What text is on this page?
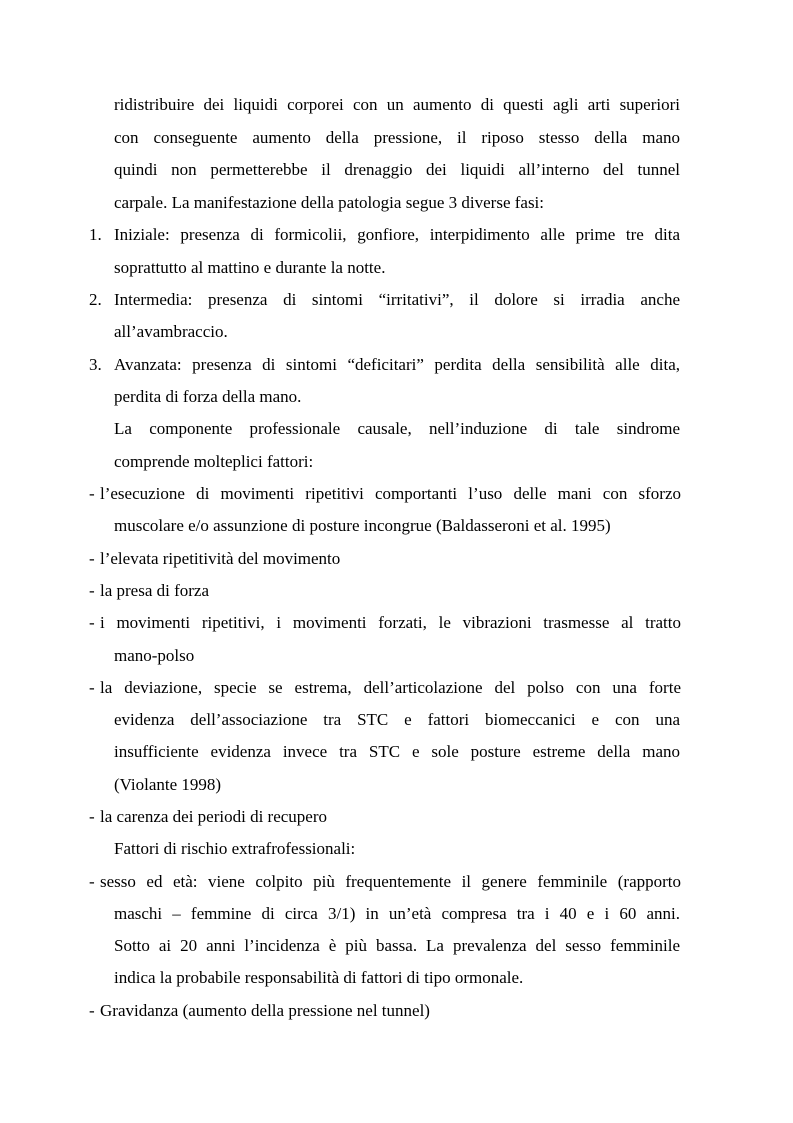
ridistribuire dei liquidi corporei con un aumento di questi agli arti superiori
con conseguente aumento della pressione, il riposo stesso della mano
quindi non permetterebbe il drenaggio dei liquidi all’interno del tunnel
carpale. La manifestazione della patologia segue 3 diverse fasi:
1. Iniziale: presenza di formicolii, gonfiore, interpidimento alle prime tre dita
soprattutto al mattino e durante la notte.
2. Intermedia: presenza di sintomi “irritativi”, il dolore si irradia anche
all’avambraccio.
3. Avanzata: presenza di sintomi “deficitari” perdita della sensibilità alle dita,
perdita di forza della mano.
La componente professionale causale, nell’induzione di tale sindrome
comprende molteplici fattori:
- l’esecuzione di movimenti ripetitivi comportanti l’uso delle mani con sforzo
muscolare e/o assunzione di posture incongrue (Baldasseroni et al. 1995)
- l’elevata ripetitività del movimento
- la presa di forza
- i movimenti ripetitivi, i movimenti forzati, le vibrazioni trasmesse al tratto
mano-polso
- la deviazione, specie se estrema, dell’articolazione del polso con una forte
evidenza dell’associazione tra STC e fattori biomeccanici e con una
insufficiente evidenza invece tra STC e sole posture estreme della mano
(Violante 1998)
- la carenza dei periodi di recupero
Fattori di rischio extrafrofessionali:
- sesso ed età: viene colpito più frequentemente il genere femminile (rapporto
maschi – femmine di circa 3/1) in un’età compresa tra i 40 e i 60 anni.
Sotto ai 20 anni l’incidenza è più bassa. La prevalenza del sesso femminile
indica la probabile responsabilità di fattori di tipo ormonale.
- Gravidanza (aumento della pressione nel tunnel)
